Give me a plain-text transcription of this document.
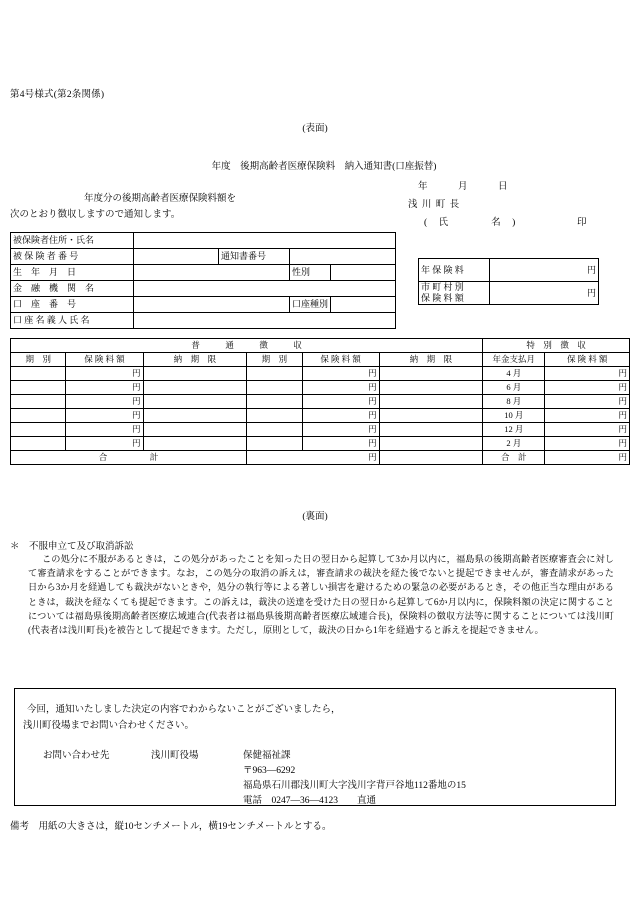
第4号様式(第2条関係)
(表面)
年度　後期高齢者医療保険料　納入通知書(口座振替)
年　　　月　　　日
浅 川 町 長
(　氏　　　　名　)	印
年度分の後期高齢者医療保険料額を
次のとおり徴収しますので通知します。
被保険者住所・氏名				
被 保 険 者 番 号		通知書番号		
生　年　月　日			性別	
金　融　機　関　名				
口　座　番　号			口座種別	
口 座 名 義 人 氏 名				
年 保 険 料	円
市 町 村 別
保 険 料 額	円
普　　　通　　　徴　　　収						特　別　徴　収	
期　別	保 険 料 額	納　期　限	期　別	保 険 料 額	納　期　限	年金支払月	保 険 料 額
	円			円		4 月	円
	円			円		6 月	円
	円			円		8 月	円
	円			円		10 月	円
	円			円		12 月	円
	円			円		2 月	円
合　　　　　計			円			合　計	円
(裏面)
＊　不服申立て及び取消訴訟
この処分に不服があるときは，この処分があったことを知った日の翌日から起算して3か月以内に，福島県の後期高齢者医療審査会に対して審査請求をすることができます。なお，この処分の取消の訴えは，審査請求の裁決を経た後でないと提起できませんが，審査請求があった日から3か月を経過しても裁決がないときや，処分の執行等による著しい損害を避けるための緊急の必要があるとき，その他正当な理由があるときは，裁決を経なくても提起できます。この訴えは，裁決の送達を受けた日の翌日から起算して6か月以内に，保険料額の決定に関することについては福島県後期高齢者医療広域連合(代表者は福島県後期高齢者医療広域連合長)，保険料の徴収方法等に関することについては浅川町(代表者は浅川町長)を被告として提起できます。ただし，原則として，裁決の日から1年を経過すると訴えを提起できません。
今回，通知いたしました決定の内容でわからないことがございましたら，
浅川町役場までお問い合わせください。
お問い合わせ先	浅川町役場	保健福祉課
〒963―6292
福島県石川郡浅川町大字浅川字背戸谷地112番地の15
電話　0247―36―4123　　直通
備考　用紙の大きさは，縦10センチメートル，横19センチメートルとする。
